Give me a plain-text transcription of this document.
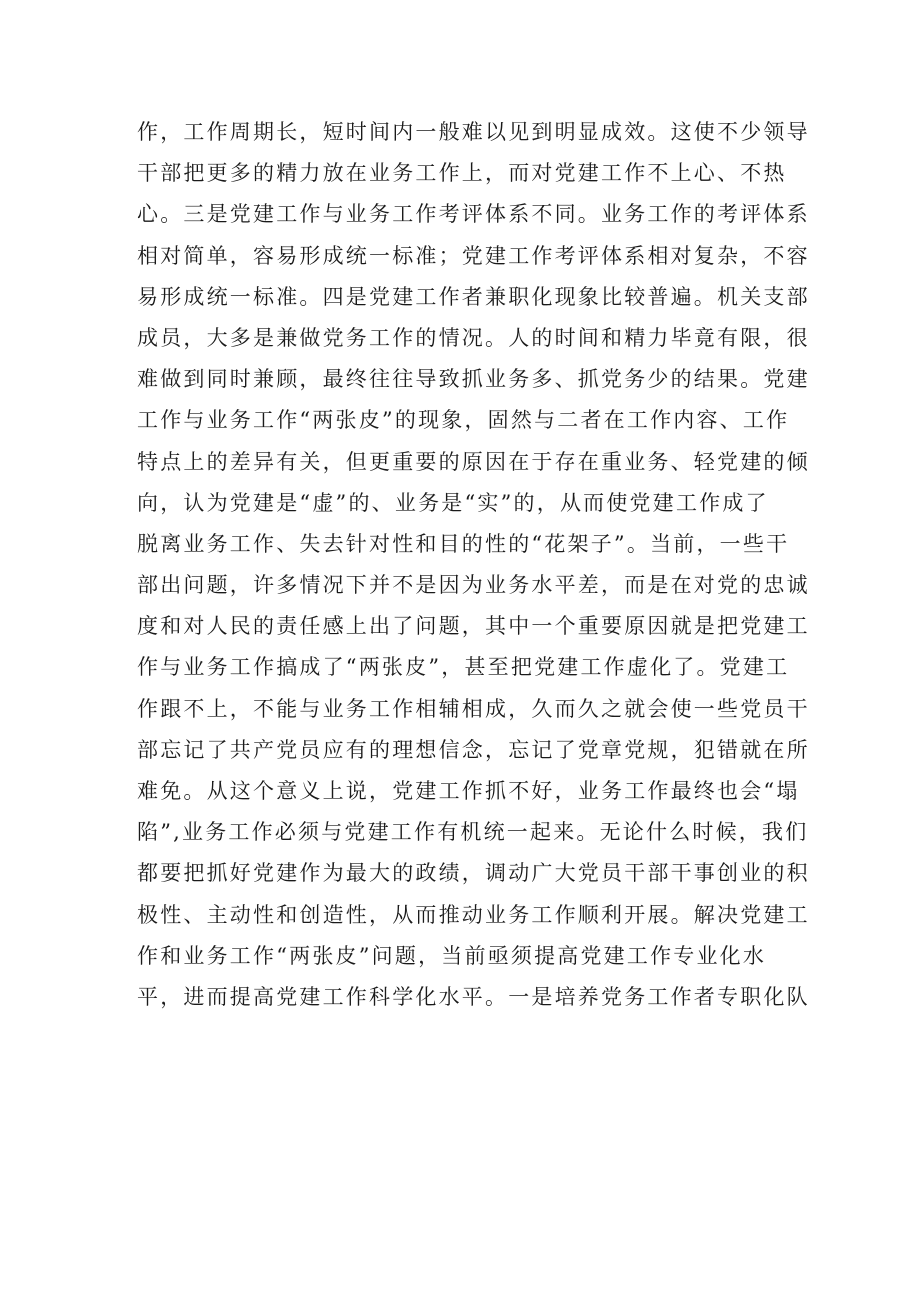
作，工作周期长，短时间内一般难以见到明显成效。这使不少领导
干部把更多的精力放在业务工作上，而对党建工作不上心、不热
心。三是党建工作与业务工作考评体系不同。业务工作的考评体系
相对简单，容易形成统一标准；党建工作考评体系相对复杂，不容
易形成统一标准。四是党建工作者兼职化现象比较普遍。机关支部
成员，大多是兼做党务工作的情况。人的时间和精力毕竟有限，很
难做到同时兼顾，最终往往导致抓业务多、抓党务少的结果。党建
工作与业务工作“两张皮”的现象，固然与二者在工作内容、工作
特点上的差异有关，但更重要的原因在于存在重业务、轻党建的倾
向，认为党建是“虚”的、业务是“实”的，从而使党建工作成了
脱离业务工作、失去针对性和目的性的“花架子”。当前，一些干
部出问题，许多情况下并不是因为业务水平差，而是在对党的忠诚
度和对人民的责任感上出了问题，其中一个重要原因就是把党建工
作与业务工作搞成了“两张皮”，甚至把党建工作虚化了。党建工
作跟不上，不能与业务工作相辅相成，久而久之就会使一些党员干
部忘记了共产党员应有的理想信念，忘记了党章党规，犯错就在所
难免。从这个意义上说，党建工作抓不好，业务工作最终也会“塌
陷”,业务工作必须与党建工作有机统一起来。无论什么时候，我们
都要把抓好党建作为最大的政绩，调动广大党员干部干事创业的积
极性、主动性和创造性，从而推动业务工作顺利开展。解决党建工
作和业务工作“两张皮”问题，当前亟须提高党建工作专业化水
平，进而提高党建工作科学化水平。一是培养党务工作者专职化队
